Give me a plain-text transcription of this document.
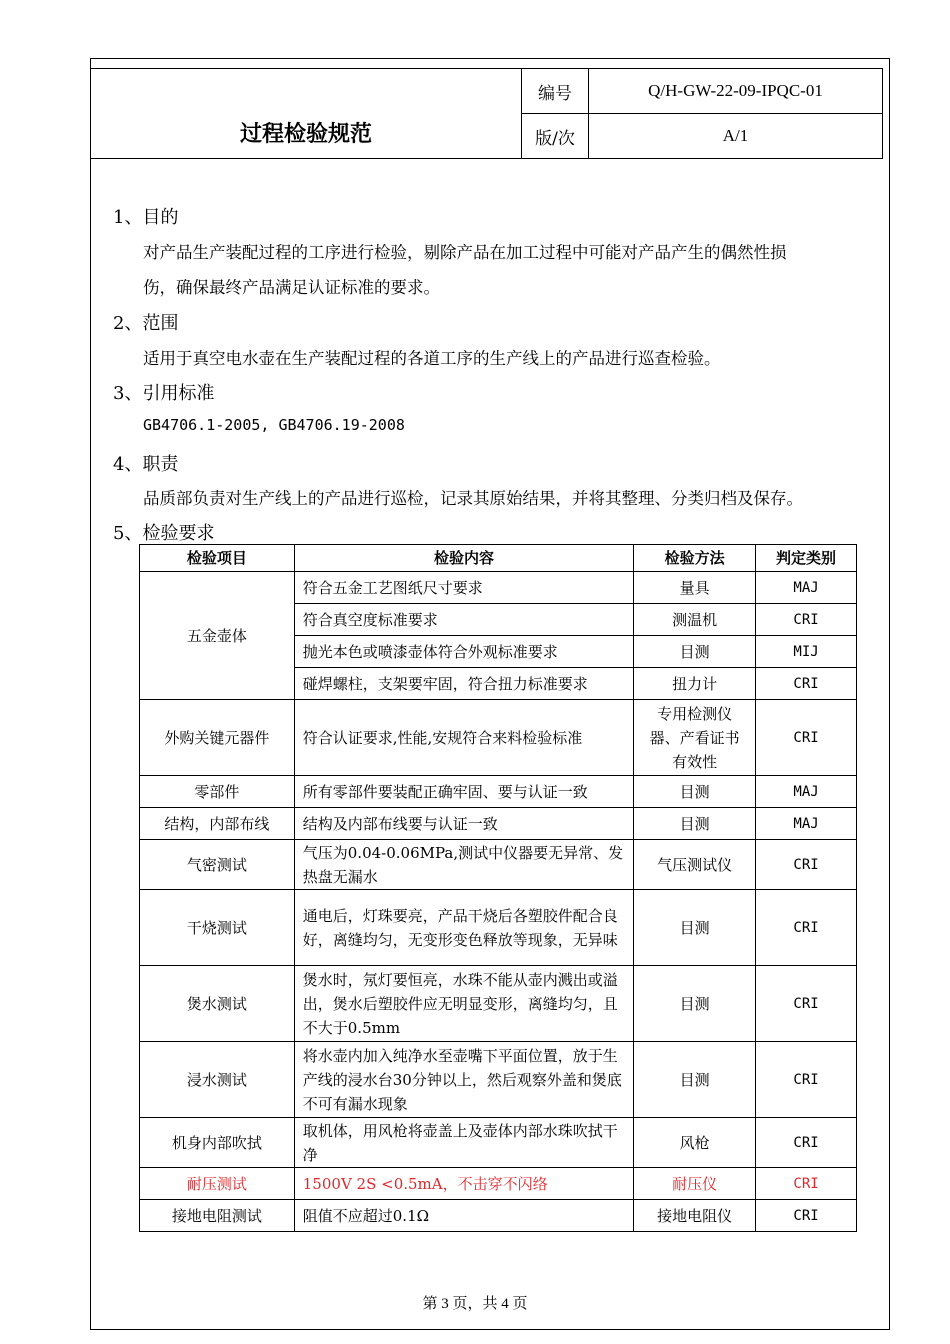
过程检验规范	编号	Q/H-GW-22-09-IPQC-01
	版/次	A/1
1、目的
对产品生产装配过程的工序进行检验，剔除产品在加工过程中可能对产品产生的偶然性损
伤，确保最终产品满足认证标准的要求。
2、范围
适用于真空电水壶在生产装配过程的各道工序的生产线上的产品进行巡查检验。
3、引用标准
GB4706.1-2005, GB4706.19-2008
4、职责
品质部负责对生产线上的产品进行巡检，记录其原始结果，并将其整理、分类归档及保存。
5、检验要求
检验项目	检验内容	检验方法	判定类别
五金壶体	符合五金工艺图纸尺寸要求	量具	MAJ
	符合真空度标准要求	测温机	CRI
	抛光本色或喷漆壶体符合外观标准要求	目测	MIJ
	碰焊螺柱，支架要牢固，符合扭力标准要求	扭力计	CRI
外购关键元器件	符合认证要求,性能,安规符合来料检验标准	专用检测仪器、产看证书有效性	CRI
零部件	所有零部件要装配正确牢固、要与认证一致	目测	MAJ
结构，内部布线	结构及内部布线要与认证一致	目测	MAJ
气密测试	气压为0.04-0.06MPa,测试中仪器要无异常、发热盘无漏水	气压测试仪	CRI
干烧测试	通电后，灯珠要亮，产品干烧后各塑胶件配合良好，离缝均匀，无变形变色释放等现象，无异味	目测	CRI
煲水测试	煲水时，氖灯要恒亮，水珠不能从壶内溅出或溢出，煲水后塑胶件应无明显变形，离缝均匀，且不大于0.5mm	目测	CRI
浸水测试	将水壶内加入纯净水至壶嘴下平面位置，放于生产线的浸水台30分钟以上，然后观察外盖和煲底不可有漏水现象	目测	CRI
机身内部吹拭	取机体，用风枪将壶盖上及壶体内部水珠吹拭干净	风枪	CRI
耐压测试	1500V 2S <0.5mA，不击穿不闪络	耐压仪	CRI
接地电阻测试	阻值不应超过0.1Ω	接地电阻仪	CRI
第 3 页，共 4 页
